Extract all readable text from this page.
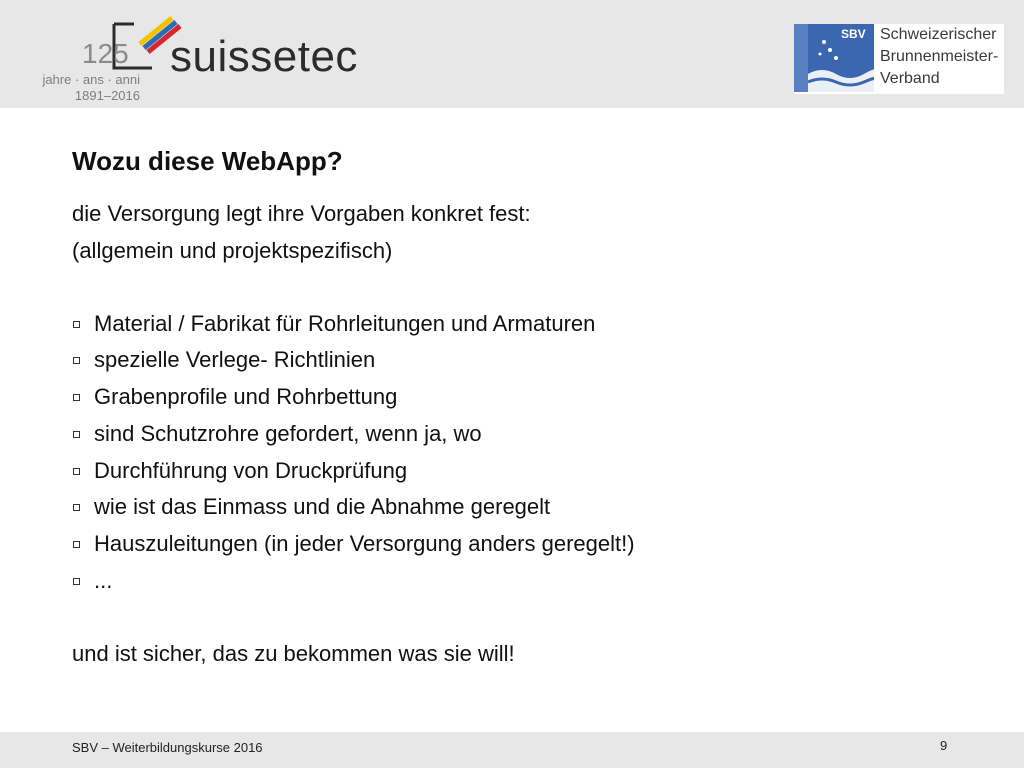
125 suissetec
jahre · ans · anni
1891–2016
SBV Schweizerischer
Brunnenmeister-
Verband
Wozu diese WebApp?

die Versorgung legt ihre Vorgaben konkret fest:

(allgemein und projektspezifisch)

Material / Fabrikat für Rohrleitungen und Armaturen
spezielle Verlege- Richtlinien
Grabenprofile und Rohrbettung
sind Schutzrohre gefordert, wenn ja, wo
Durchführung von Druckprüfung
wie ist das Einmass und die Abnahme geregelt
Hauszuleitungen (in jeder Versorgung anders geregelt!)
...

und ist sicher, das zu bekommen was sie will!

SBV – Weiterbildungskurse 2016	9
